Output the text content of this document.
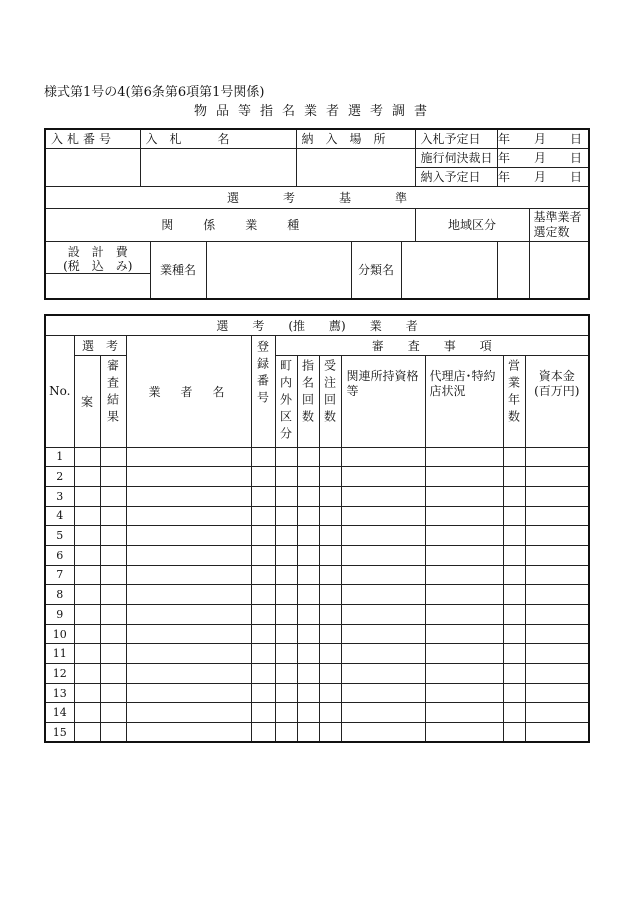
様式第1号の4(第6条第6項第1号関係)
物品等指名業者選考調書
入札番号	入　札　　　名			納　入　場　所			入札予定日	年　　月　　日	
							施行伺決裁日	年　　月　　日	
							納入予定日	年　　月　　日	
選考基準									
関係業種							地域区分		基準業者選定数

設　計　費
(税　込　み)		業種名			分類名				

選　　考　　(推　　薦)　　業　　者											
No.	選　考		業　者　名	登録番号	審　　査　　事　　項						
	案	審査結果			町内外区分	指名回数	受注回数	関連所持資格等	代理店･特約店状況	営業年数	資本金
(百万円)

1											
2											
3											
4											
5											
6											
7											
8											
9											
10											
11											
12											
13											
14											
15											
